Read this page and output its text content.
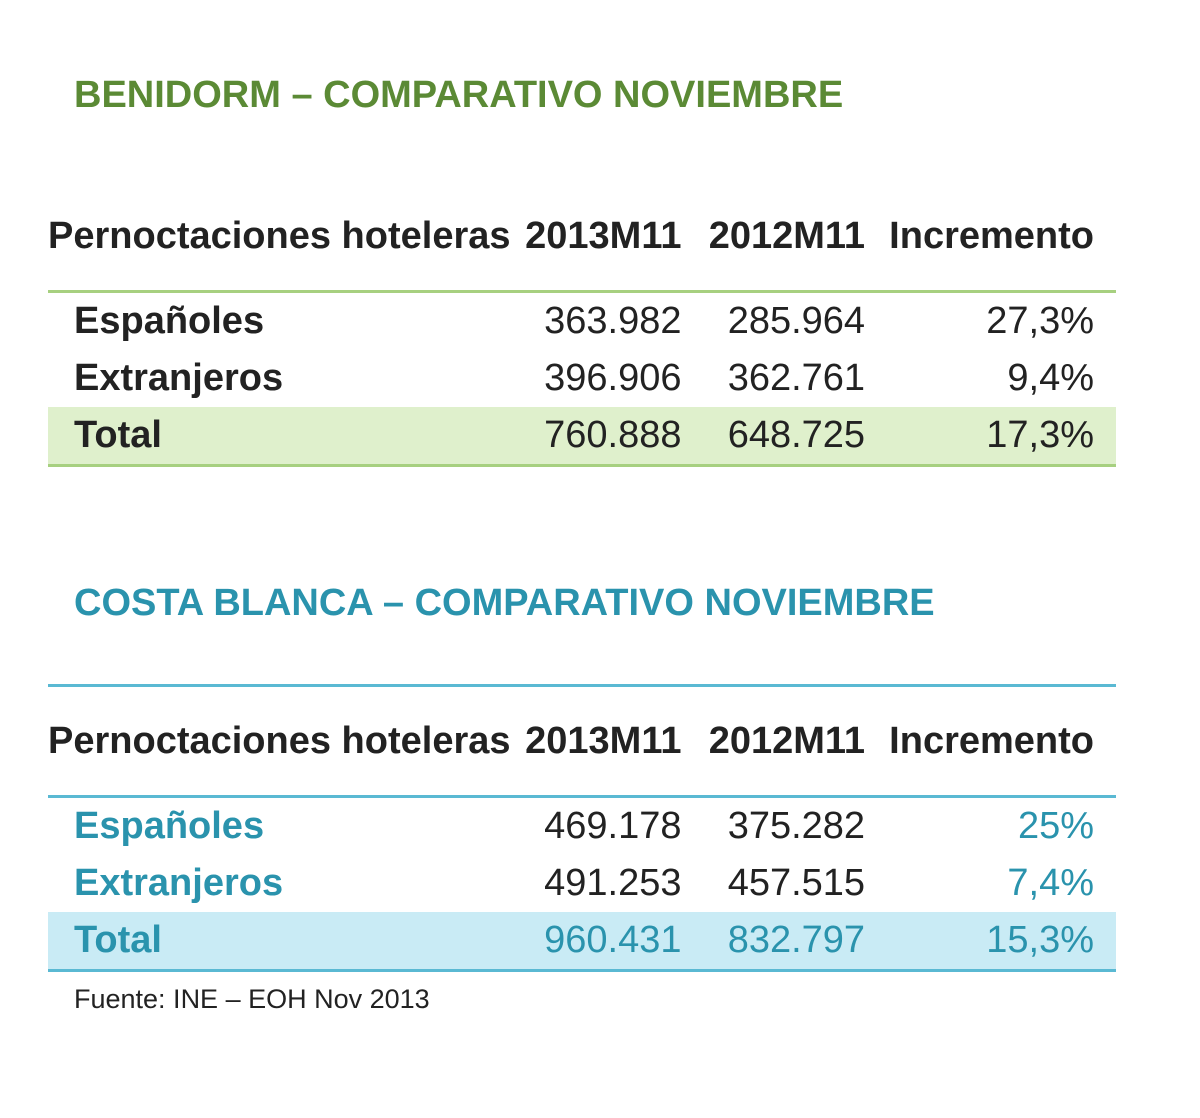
BENIDORM – COMPARATIVO NOVIEMBRE
Pernoctaciones hoteleras	2013M11	2012M11	Incremento
Españoles	363.982	285.964	27,3%
Extranjeros	396.906	362.761	9,4%
Total	760.888	648.725	17,3%
COSTA BLANCA – COMPARATIVO NOVIEMBRE
Pernoctaciones hoteleras	2013M11	2012M11	Incremento
Españoles	469.178	375.282	25%
Extranjeros	491.253	457.515	7,4%
Total	960.431	832.797	15,3%
Fuente: INE – EOH Nov 2013
